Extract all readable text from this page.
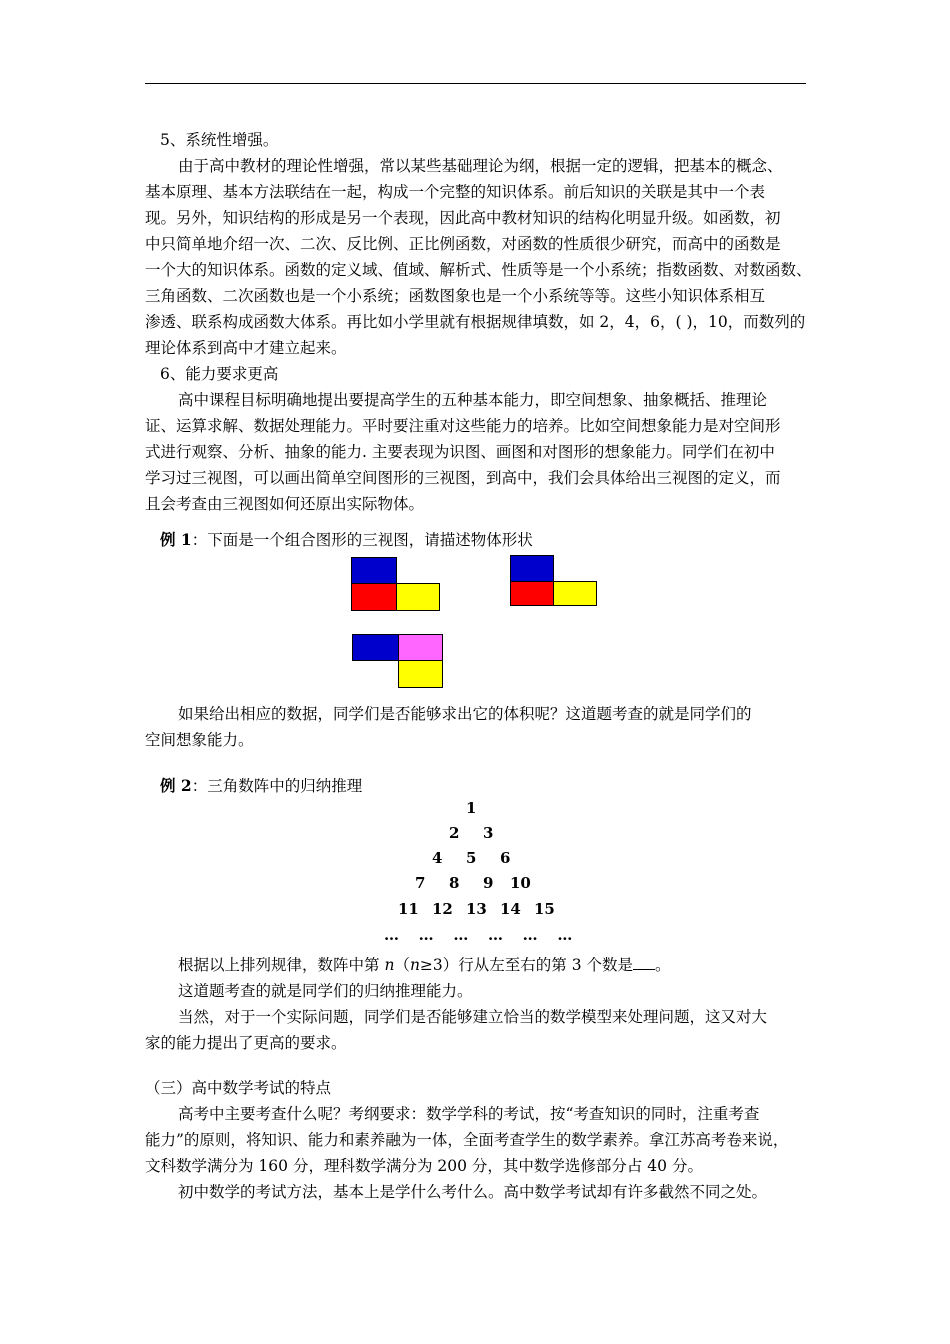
5、系统性增强。
由于高中教材的理论性增强，常以某些基础理论为纲，根据一定的逻辑，把基本的概念、
基本原理、基本方法联结在一起，构成一个完整的知识体系。前后知识的关联是其中一个表
现。另外，知识结构的形成是另一个表现，因此高中教材知识的结构化明显升级。如函数，初
中只简单地介绍一次、二次、反比例、正比例函数，对函数的性质很少研究，而高中的函数是
一个大的知识体系。函数的定义域、值域、解析式、性质等是一个小系统；指数函数、对数函数、
三角函数、二次函数也是一个小系统；函数图象也是一个小系统等等。这些小知识体系相互
渗透、联系构成函数大体系。再比如小学里就有根据规律填数，如 2，4，6，( )，10，而数列的
理论体系到高中才建立起来。
6、能力要求更高
高中课程目标明确地提出要提高学生的五种基本能力，即空间想象、抽象概括、推理论
证、运算求解、数据处理能力。平时要注重对这些能力的培养。比如空间想象能力是对空间形
式进行观察、分析、抽象的能力. 主要表现为识图、画图和对图形的想象能力。同学们在初中
学习过三视图，可以画出简单空间图形的三视图，到高中，我们会具体给出三视图的定义，而
且会考查由三视图如何还原出实际物体。
例 1：下面是一个组合图形的三视图，请描述物体形状
如果给出相应的数据，同学们是否能够求出它的体积呢？这道题考查的就是同学们的
空间想象能力。
例 2：三角数阵中的归纳推理
1
2 3
4 5 6
7 8 9 10
11 12 13 14 15
…   …   …   …   …   …
根据以上排列规律，数阵中第 n（n≥3）行从左至右的第 3 个数是 。
这道题考查的就是同学们的归纳推理能力。
当然，对于一个实际问题，同学们是否能够建立恰当的数学模型来处理问题，这又对大
家的能力提出了更高的要求。
（三）高中数学考试的特点
高考中主要考查什么呢？考纲要求：数学学科的考试，按“考查知识的同时，注重考查
能力”的原则，将知识、能力和素养融为一体，全面考查学生的数学素养。拿江苏高考卷来说，
文科数学满分为 160 分，理科数学满分为 200 分，其中数学选修部分占 40 分。
初中数学的考试方法，基本上是学什么考什么。高中数学考试却有许多截然不同之处。
